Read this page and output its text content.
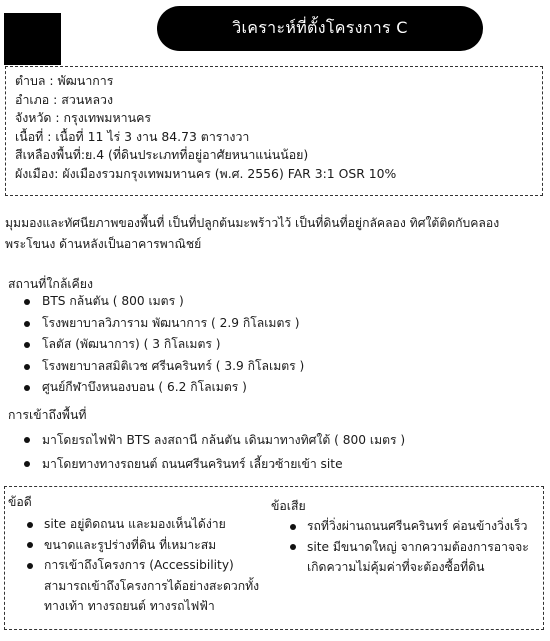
วิเคราะห์ที่ตั้งโครงการ C
ตำบล : พัฒนาการ
อำเภอ : สวนหลวง
จังหวัด : กรุงเทพมหานคร
เนื้อที่ : เนื้อที่ 11 ไร่ 3 งาน 84.73 ตารางวา
สีเหลืองพื้นที่:ย.4 (ที่ดินประเภทที่อยู่อาศัยหนาแน่นน้อย)
ผังเมือง: ผังเมืองรวมกรุงเทพมหานคร (พ.ศ. 2556) FAR 3:1 OSR 10%
มุมมองและทัศนียภาพของพื้นที่ เป็นที่ปลูกต้นมะพร้าวไว้ เป็นที่ดินที่อยู่กลัคลอง ทิศใต้ติดกับคลองพระโขนง ด้านหลังเป็นอาคารพาณิชย์
สถานที่ใกล้เคียง
BTS กล้นตัน ( 800 เมตร )
โรงพยาบาลวิภาราม พัฒนาการ ( 2.9 กิโลเมตร )
โลตัส (พัฒนาการ) ( 3 กิโลเมตร )
โรงพยาบาลสมิติเวช ศรีนครินทร์ ( 3.9 กิโลเมตร )
ศูนย์กีฬาบึงหนองบอน ( 6.2 กิโลเมตร )
การเข้าถึงพื้นที่
มาโดยรถไฟฟ้า BTS ลงสถานี กล้นตัน เดินมาทางทิศใต้ ( 800 เมตร )
มาโดยทางทางรถยนต์ ถนนศรีนครินทร์ เลี้ยวซ้ายเข้า site
ข้อดี
site อยู่ติดถนน และมองเห็นได้ง่าย
ขนาดและรูปร่างที่ดิน ที่เหมาะสม
การเข้าถึงโครงการ (Accessibility) สามารถเข้าถึงโครงการได้อย่างสะดวกทั้งทางเท้า ทางรถยนต์ ทางรถไฟฟ้า
ข้อเสีย
รถที่วิ่งผ่านถนนศรีนครินทร์ ค่อนข้างวิ่งเร็ว
site มีขนาดใหญ่ จากความต้องการอาจจะเกิดความไม่คุ้มค่าที่จะต้องซื้อที่ดิน
